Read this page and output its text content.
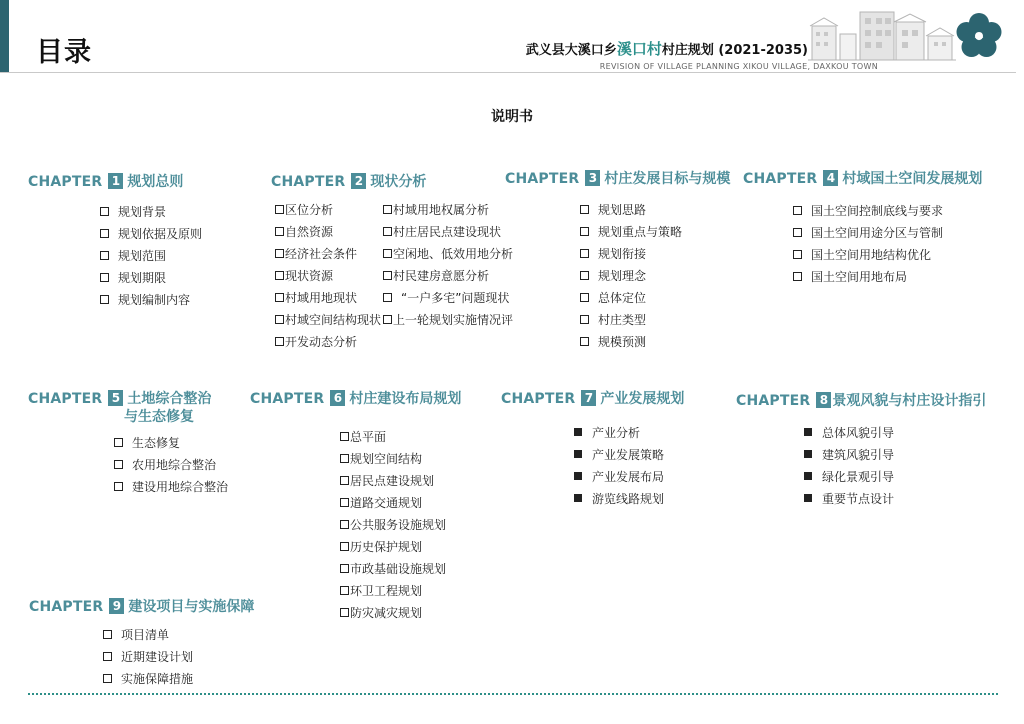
目录	武义县大溪口乡溪口村村庄规划 (2021-2035)
REVISION OF VILLAGE PLANNING XIKOU VILLAGE, DAXKOU TOWN
说明书
CHAPTER 1 规划总则
规划背景
规划依据及原则
规划范围
规划期限
规划编制内容
CHAPTER 2 现状分析
区位分析
自然资源
经济社会条件
现状资源
村域用地现状
村域空间结构现状
开发动态分析
村域用地权属分析
村庄居民点建设现状
空闲地、低效用地分析
村民建房意愿分析
“一户多宅”问题现状
上一轮规划实施情况评
CHAPTER 3 村庄发展目标与规模
规划思路
规划重点与策略
规划衔接
规划理念
总体定位
村庄类型
规模预测
CHAPTER 4 村域国土空间发展规划
国土空间控制底线与要求
国土空间用途分区与管制
国土空间用地结构优化
国土空间用地布局
CHAPTER 5 土地综合整治
与生态修复
生态修复
农用地综合整治
建设用地综合整治
CHAPTER 6 村庄建设布局规划
总平面
规划空间结构
居民点建设规划
道路交通规划
公共服务设施规划
历史保护规划
市政基础设施规划
环卫工程规划
防灾减灾规划
CHAPTER 7 产业发展规划
产业分析
产业发展策略
产业发展布局
游览线路规划
CHAPTER 8 景观风貌与村庄设计指引
总体风貌引导
建筑风貌引导
绿化景观引导
重要节点设计
CHAPTER 9 建设项目与实施保障
项目清单
近期建设计划
实施保障措施
